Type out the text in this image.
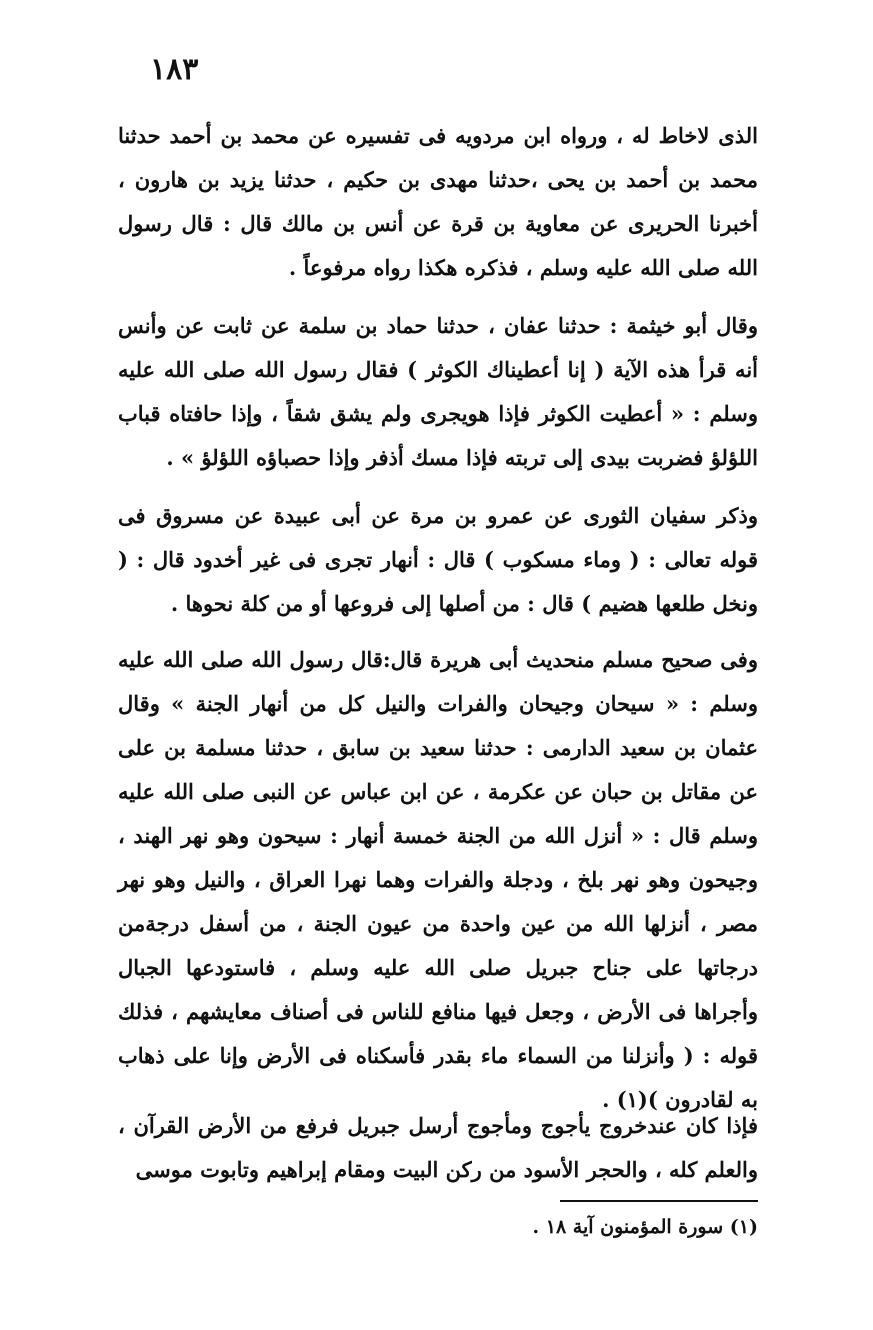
١٨٣

الذى لاخاط له ، ورواه ابن مردويه فى تفسيره عن محمد بن أحمد حدثنا محمد بن أحمد بن يحى ،حدثنا مهدى بن حكيم ، حدثنا يزيد بن هارون ، أخبرنا الحريرى عن معاوية بن قرة عن أنس بن مالك قال : قال رسول الله صلى الله عليه وسلم ، فذكره هكذا رواه مرفوعاً .

وقال أبو خيثمة : حدثنا عفان ، حدثنا حماد بن سلمة عن ثابت عن وأنس أنه قرأ هذه الآية ( إنا أعطيناك الكوثر ) فقال رسول الله صلى الله عليه وسلم : « أعطيت الكوثر فإذا هويجرى ولم يشق شقاً ، وإذا حافتاه قباب اللؤلؤ فضربت بيدى إلى تربته فإذا مسك أذفر وإذا حصباؤه اللؤلؤ » .

وذكر سفيان الثورى عن عمرو بن مرة عن أبى عبيدة عن مسروق فى قوله تعالى : ( وماء مسكوب ) قال : أنهار تجرى فى غير أخدود قال : ( ونخل طلعها هضيم ) قال : من أصلها إلى فروعها أو من كلة نحوها .

وفى صحيح مسلم منحديث أبى هريرة قال:قال رسول الله صلى الله عليه وسلم : « سيحان وجيحان والفرات والنيل كل من أنهار الجنة » وقال عثمان بن سعيد الدارمى : حدثنا سعيد بن سابق ، حدثنا مسلمة بن على عن مقاتل بن حبان عن عكرمة ، عن ابن عباس عن النبى صلى الله عليه وسلم قال : « أنزل الله من الجنة خمسة أنهار : سيحون وهو نهر الهند ، وجيحون وهو نهر بلخ ، ودجلة والفرات وهما نهرا العراق ، والنيل وهو نهر مصر ، أنزلها الله من عين واحدة من عيون الجنة ، من أسفل درجةمن درجاتها على جناح جبريل صلى الله عليه وسلم ، فاستودعها الجبال وأجراها فى الأرض ، وجعل فيها منافع للناس فى أصناف معايشهم ، فذلك قوله : ( وأنزلنا من السماء ماء بقدر فأسكناه فى الأرض وإنا على ذهاب به لقادرون )(١) .

فإذا كان عندخروج يأجوج ومأجوج أرسل جبريل فرفع من الأرض القرآن ، والعلم كله ، والحجر الأسود من ركن البيت ومقام إبراهيم وتابوت موسى

(١) سورة المؤمنون آية ١٨ .
